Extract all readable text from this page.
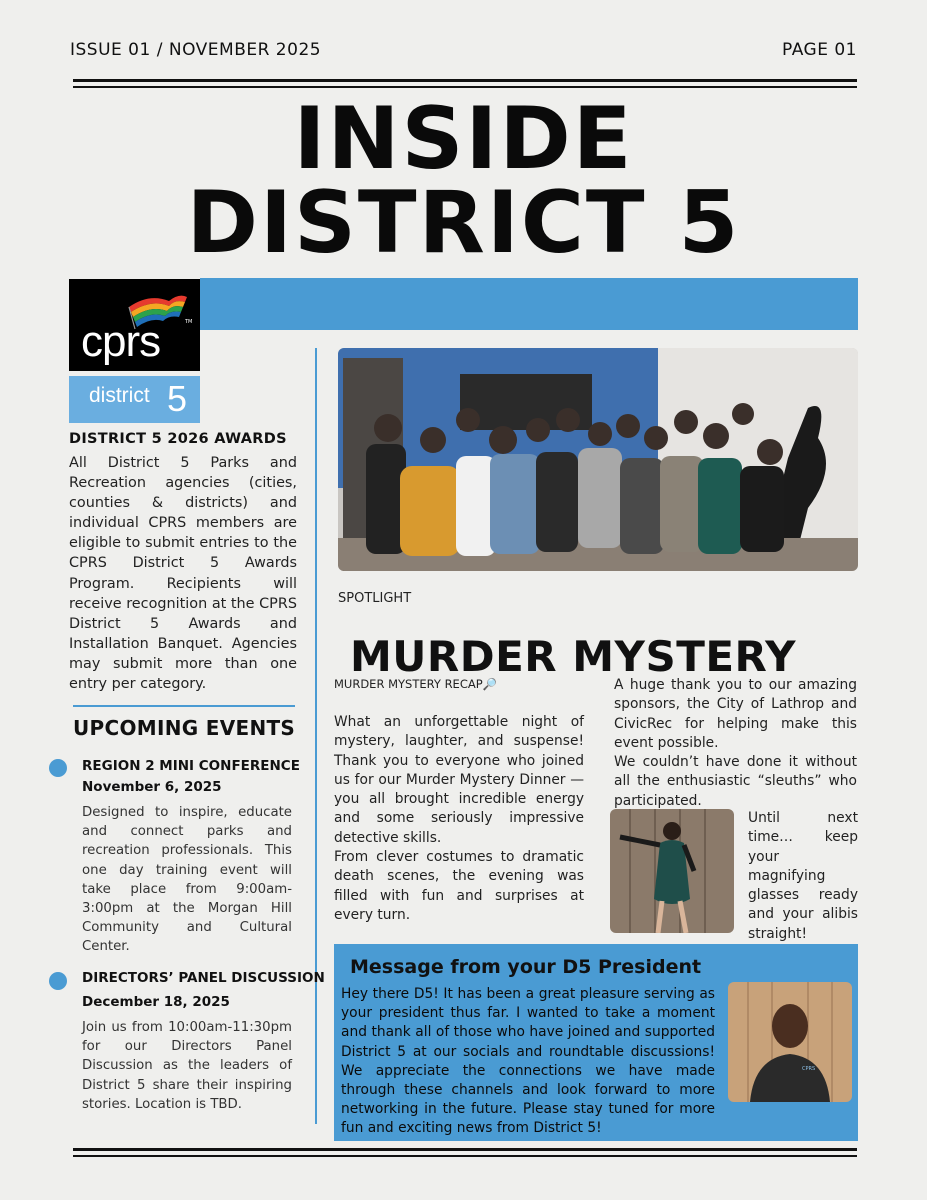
ISSUE 01 / NOVEMBER 2025	PAGE 01
INSIDE
DISTRICT 5
cprs	TM
district 5
DISTRICT 5 2026 AWARDS
All District 5 Parks and Recreation agencies (cities, counties & districts) and individual CPRS members are eligible to submit entries to the CPRS District 5 Awards Program. Recipients will receive recognition at the CPRS District 5 Awards and Installation Banquet. Agencies may submit more than one entry per category.
UPCOMING EVENTS
REGION 2 MINI CONFERENCE
November 6, 2025
Designed to inspire, educate and connect parks and recreation professionals. This one day training event will take place from 9:00am-3:00pm at the Morgan Hill Community and Cultural Center.
DIRECTORS’ PANEL DISCUSSION
December 18, 2025
Join us from 10:00am-11:30pm for our Directors Panel Discussion as the leaders of District 5 share their inspiring stories. Location is TBD.
SPOTLIGHT
MURDER MYSTERY
MURDER MYSTERY RECAP🔎
What an unforgettable night of mystery, laughter, and suspense! Thank you to everyone who joined us for our Murder Mystery Dinner — you all brought incredible energy and some seriously impressive detective skills.
From clever costumes to dramatic death scenes, the evening was filled with fun and surprises at every turn.
A huge thank you to our amazing sponsors, the City of Lathrop and CivicRec for helping make this event possible.
We couldn’t have done it without all the enthusiastic “sleuths” who participated.
Until next time… keep your magnifying glasses ready and your alibis straight!
Message from your D5 President
Hey there D5! It has been a great pleasure serving as your president thus far. I wanted to take a moment and thank all of those who have joined and supported District 5 at our socials and roundtable discussions! We appreciate the connections we have made through these channels and look forward to more networking in the future. Please stay tuned for more fun and exciting news from District 5!
CPRS
